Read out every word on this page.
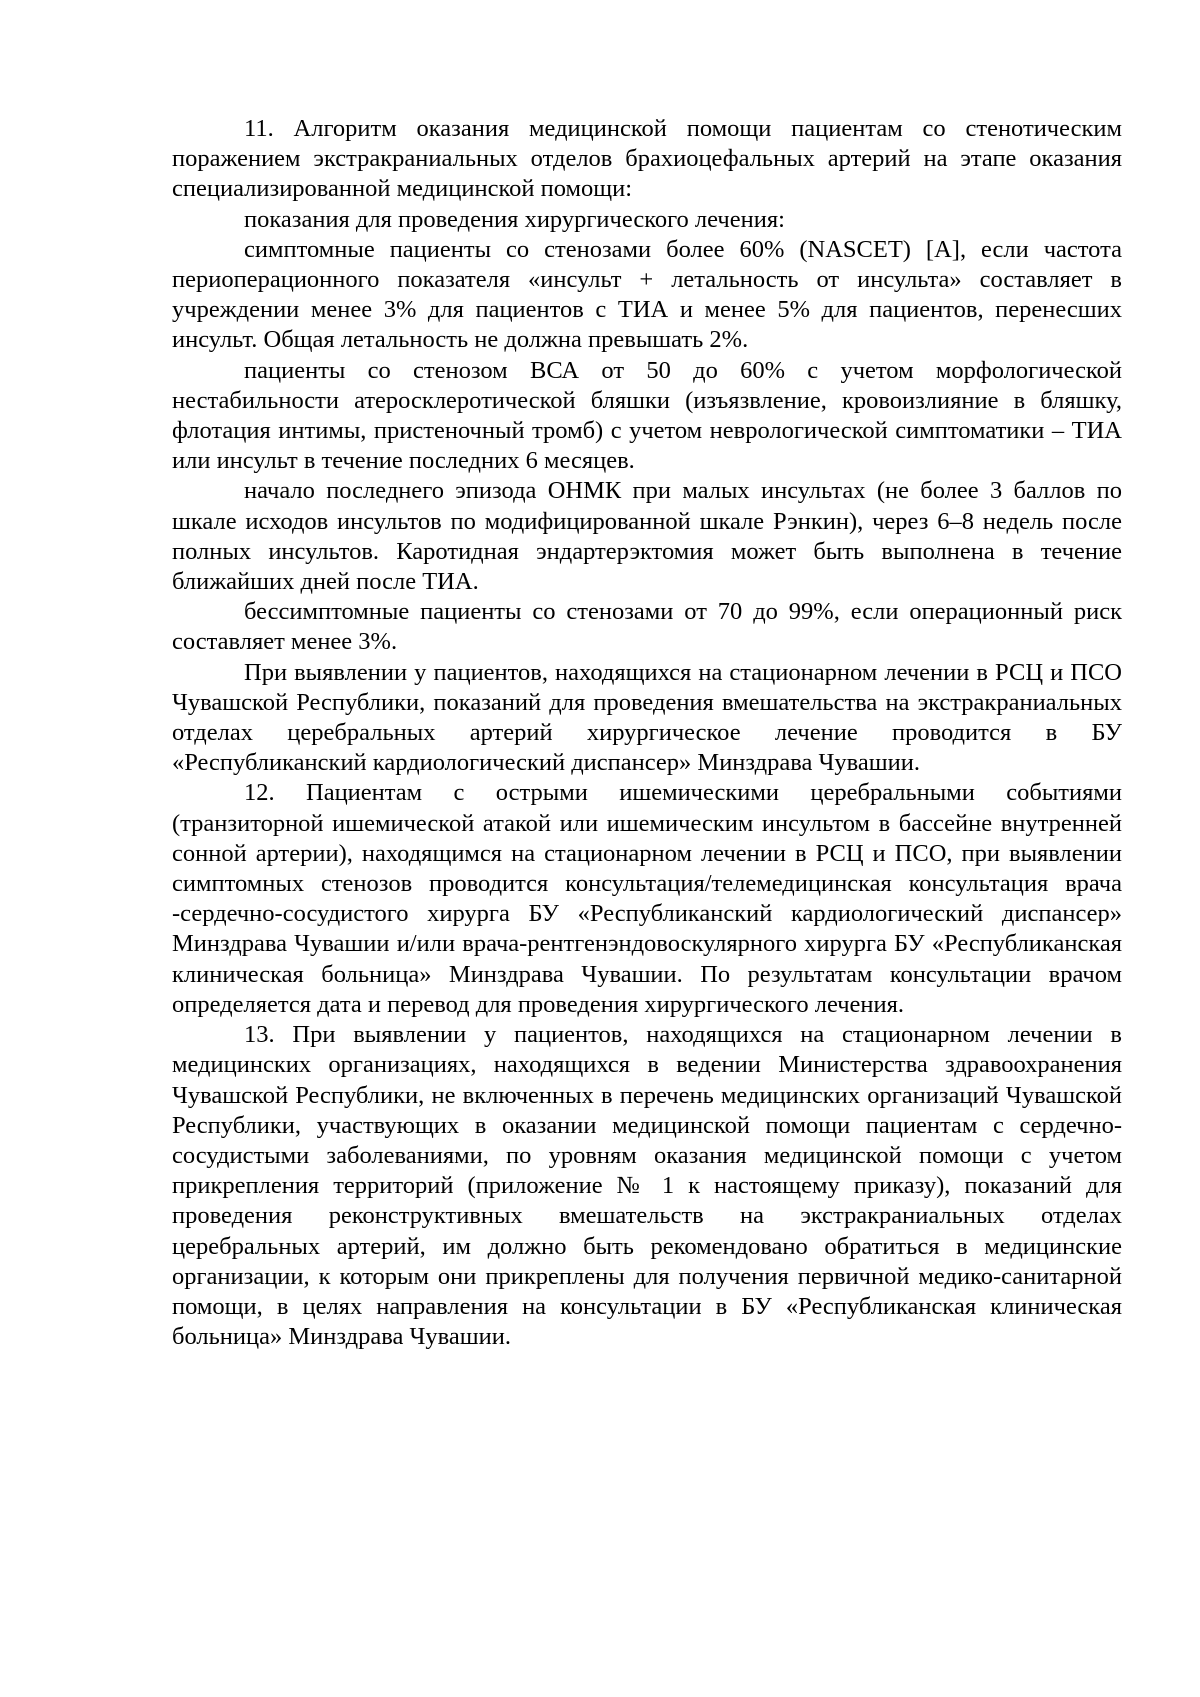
11. Алгоритм оказания медицинской помощи пациентам со стенотическим поражением экстракраниальных отделов брахиоцефальных артерий на этапе оказания специализированной медицинской помощи:

показания для проведения хирургического лечения:

симптомные пациенты со стенозами более 60% (NASCET) [A], если частота периоперационного показателя «инсульт + летальность от инсульта» составляет в учреждении менее 3% для пациентов с ТИА и менее 5% для пациентов, перенесших инсульт. Общая летальность не должна превышать 2%.

пациенты со стенозом ВСА от 50 до 60% с учетом морфологической нестабильности атеросклеротической бляшки (изъязвление, кровоизлияние в бляшку, флотация интимы, пристеночный тромб) с учетом неврологической симптоматики – ТИА или инсульт в течение последних 6 месяцев.

начало последнего эпизода ОНМК при малых инсультах (не более 3 баллов по шкале исходов инсультов по модифицированной шкале Рэнкин), через 6–8 недель после полных инсультов. Каротидная эндартерэктомия может быть выполнена в течение ближайших дней после ТИА.

бессимптомные пациенты со стенозами от 70 до 99%, если операционный риск составляет менее 3%.

При выявлении у пациентов, находящихся на стационарном лечении в РСЦ и ПСО Чувашской Республики, показаний для проведения вмешательства на экстракраниальных отделах церебральных артерий хирургическое лечение проводится в БУ «Республиканский кардиологический диспансер» Минздрава Чувашии.

12. Пациентам с острыми ишемическими церебральными событиями (транзиторной ишемической атакой или ишемическим инсультом в бассейне внутренней сонной артерии), находящимся на стационарном лечении в РСЦ и ПСО, при выявлении симптомных стенозов проводится консультация/телемедицинская консультация врача -сердечно-сосудистого хирурга БУ «Республиканский кардиологический диспансер» Минздрава Чувашии и/или врача-рентгенэндовоскулярного хирурга БУ «Республиканская клиническая больница» Минздрава Чувашии. По результатам консультации врачом определяется дата и перевод для проведения хирургического лечения.

13. При выявлении у пациентов, находящихся на стационарном лечении в медицинских организациях, находящихся в ведении Министерства здравоохранения Чувашской Республики, не включенных в перечень медицинских организаций Чувашской Республики, участвующих в оказании медицинской помощи пациентам с сердечно-сосудистыми заболеваниями, по уровням оказания медицинской помощи с учетом прикрепления территорий (приложение № 1 к настоящему приказу), показаний для проведения реконструктивных вмешательств на экстракраниальных отделах церебральных артерий, им должно быть рекомендовано обратиться в медицинские организации, к которым они прикреплены для получения первичной медико-санитарной помощи, в целях направления на консультации в БУ «Республиканская клиническая больница» Минздрава Чувашии.
